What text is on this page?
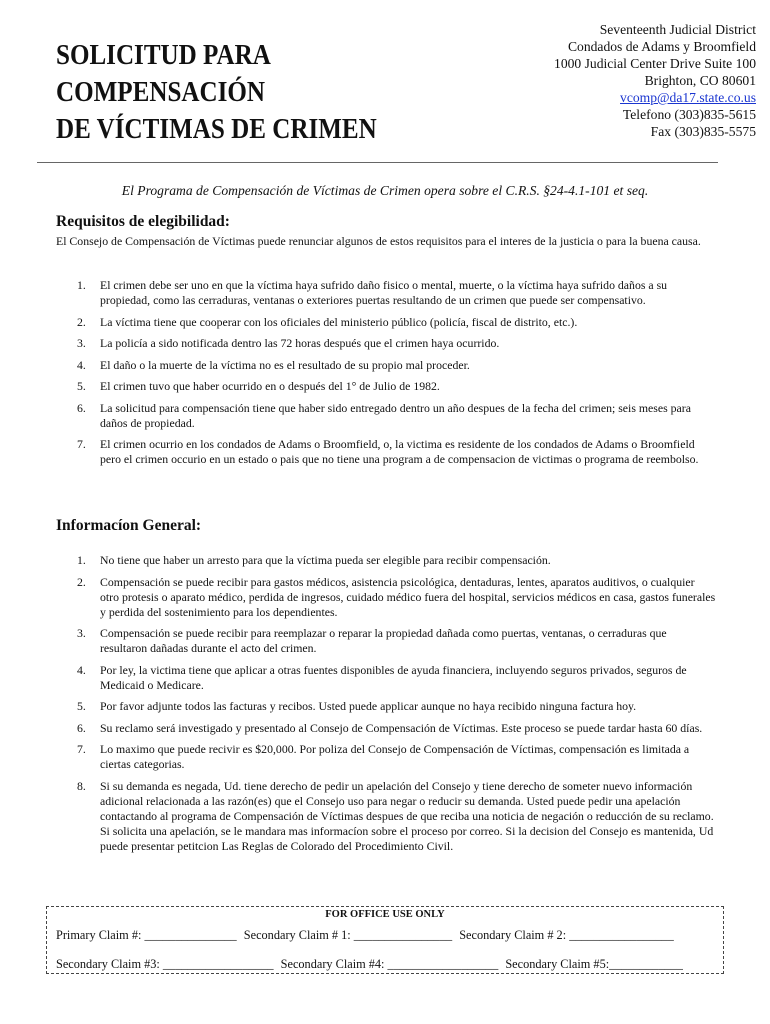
SOLICITUD PARA
COMPENSACIÓN
DE VÍCTIMAS DE CRIMEN
Seventeenth Judicial District
Condados de Adams y Broomfield
1000 Judicial Center Drive Suite 100
Brighton, CO 80601
vcomp@da17.state.co.us
Telefono (303)835-5615
Fax (303)835-5575
El Programa de Compensación de Víctimas de Crimen opera sobre el C.R.S. §24-4.1-101 et seq.
Requisitos de elegibilidad:
El Consejo de Compensación de Víctimas puede renunciar algunos de estos requisitos para el interes de la justicia o para la buena causa.
1. El crimen debe ser uno en que la víctima haya sufrido daño fisico o mental, muerte, o la víctima haya sufrido daños a su propiedad, como las cerraduras, ventanas o exteriores puertas resultando de un crimen que puede ser compensativo.
2. La víctima tiene que cooperar con los oficiales del ministerio público (policía, fiscal de distrito, etc.).
3. La policía a sido notificada dentro las 72 horas después que el crimen haya ocurrido.
4. El daño o la muerte de la víctima no es el resultado de su propio mal proceder.
5. El crimen tuvo que haber ocurrido en o después del 1° de Julio de 1982.
6. La solicitud para compensación tiene que haber sido entregado dentro un año despues de la fecha del crimen; seis meses para daños de propiedad.
7. El crimen ocurrio en los condados de Adams o Broomfield, o, la victima es residente de los condados de Adams o Broomfield pero el crimen occurio en un estado o pais que no tiene una program a de compensacion de victimas o programa de reembolso.
Informacíon General:
1. No tiene que haber un arresto para que la víctima pueda ser elegible para recibir compensación.
2. Compensación se puede recibir para gastos médicos, asistencia psicológica, dentaduras, lentes, aparatos auditivos, o cualquier otro protesis o aparato médico, perdida de ingresos, cuidado médico fuera del hospital, servicios médicos en casa, gastos funerales y perdida del sostenimiento para los dependientes.
3. Compensación se puede recibir para reemplazar o reparar la propiedad dañada como puertas, ventanas, o cerraduras que resultaron dañadas durante el acto del crimen.
4. Por ley, la victima tiene que aplicar a otras fuentes disponibles de ayuda financiera, incluyendo seguros privados, seguros de Medicaid o Medicare.
5. Por favor adjunte todos las facturas y recibos. Usted puede applicar aunque no haya recibido ninguna factura hoy.
6. Su reclamo será investigado y presentado al Consejo de Compensación de Víctimas. Este proceso se puede tardar hasta 60 días.
7. Lo maximo que puede recivir es $20,000. Por poliza del Consejo de Compensación de Víctimas, compensación es limitada a ciertas categorias.
8. Si su demanda es negada, Ud. tiene derecho de pedir un apelación del Consejo y tiene derecho de someter nuevo información adicional relacionada a las razón(es) que el Consejo uso para negar o reducir su demanda. Usted puede pedir una apelación contactando al programa de Compensación de Víctimas despues de que reciba una noticia de negación o reducción de su reclamo. Si solicita una apelación, se le mandara mas informacíon sobre el proceso por correo. Si la decision del Consejo es mantenida, Ud puede presentar petitcion Las Reglas de Colorado del Procedimiento Civil.
FOR OFFICE USE ONLY
Primary Claim #: _______________ Secondary Claim # 1: ________________ Secondary Claim # 2: _________________
Secondary Claim #3: __________________ Secondary Claim #4: __________________ Secondary Claim #5:____________
